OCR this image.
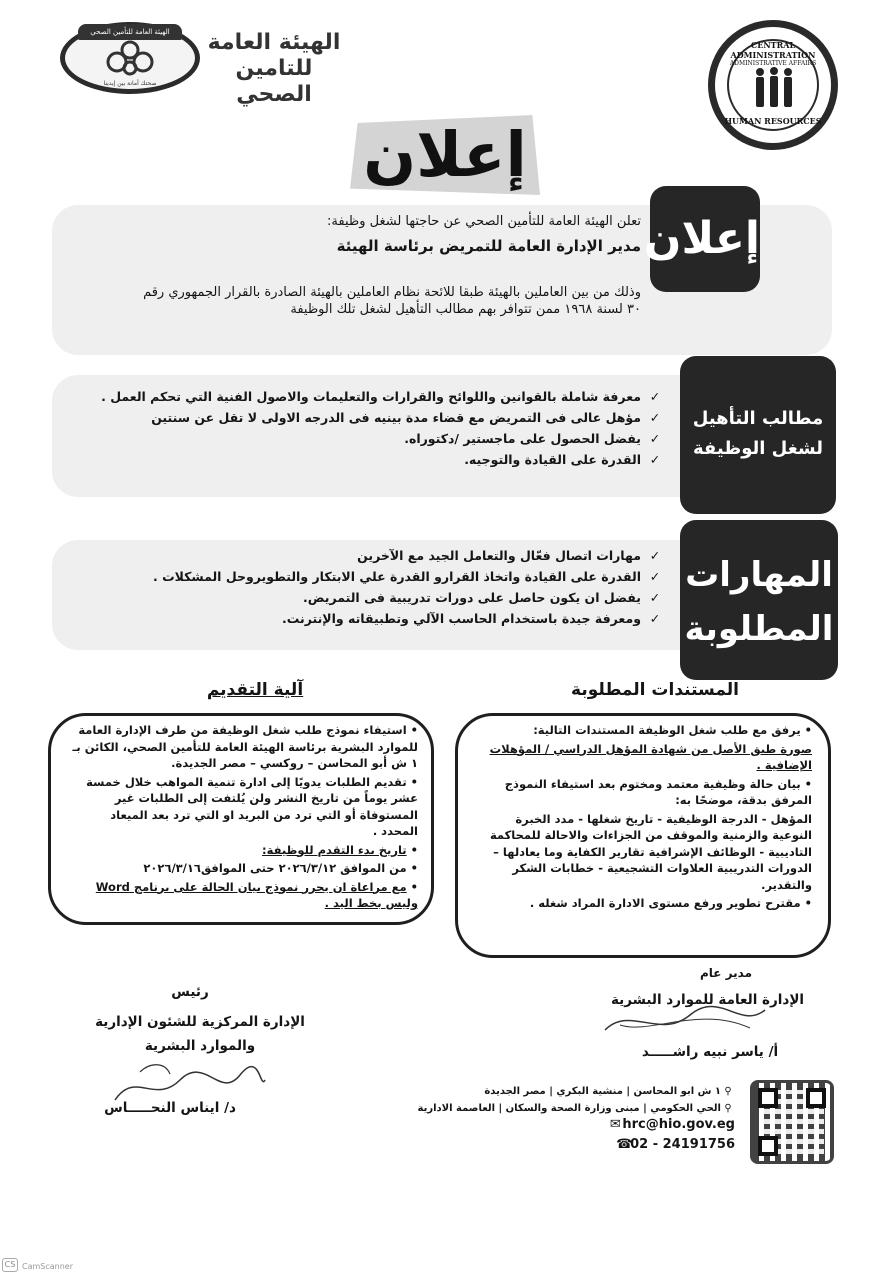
الهيئة العامة للتأمين الصحي
صحتك أمانة بين إيدينا
الهيئة العامة
للتامين الصحي
CENTRAL ADMINISTRATION
ADMINISTRATIVE AFFAIRS
HUMAN RESOURCES
إعلان
إعلان
تعلن الهيئة العامة للتأمين الصحي عن حاجتها لشغل وظيفة:
مدير الإدارة العامة للتمريض برئاسة الهيئة
وذلك من بين العاملين بالهيئة طبقا للائحة نظام العاملين بالهيئة الصادرة بالقرار الجمهوري رقم
٣٠ لسنة ١٩٦٨ ممن تتوافر بهم مطالب التأهيل لشغل تلك الوظيفة
مطالب التأهيل
لشغل الوظيفة
✓معرفة شاملة بالقوانين واللوائح والقرارات والتعليمات والاصول الفنية التي تحكم العمل .
✓مؤهل عالى فى التمريض مع قضاء مدة بينيه فى الدرجه الاولى لا تقل عن سنتين
✓يفضل الحصول على ماجستير /دكتوراه.
✓القدرة على القيادة والتوجيه.
المهارات
المطلوبة
✓مهارات اتصال فعّال والتعامل الجيد مع الآخرين
✓القدرة على القيادة واتخاذ القرارو القدرة علي الابتكار والتطويروحل المشكلات .
✓يفضل ان يكون حاصل على دورات تدريبية فى التمريض.
✓ومعرفة جيدة باستخدام الحاسب الآلي وتطبيقاته والإنترنت.
المستندات المطلوبة
•يرفق مع طلب شغل الوظيفة المستندات التالية:
صورة طبق الأصل من شهادة المؤهل الدراسي / المؤهلات الإضافية .
•بيان حالة وظيفية معتمد ومختوم بعد استيفاء النموذج المرفق بدقة، موضحًا به:
المؤهل - الدرجة الوظيفية - تاريخ شغلها - مدد الخبرة النوعية والزمنية والموقف من الجزاءات والاحالة للمحاكمة التاديبية - الوظائف الإشرافية تقارير الكفاية وما يعادلها – الدورات التدريبية العلاوات التشجيعية - خطابات الشكر والتقدير.
•مقترح تطوير ورفع مستوى الادارة المراد شغله .
آلية التقديم
•استيفاء نموذج طلب شغل الوظيفة من طرف الإدارة العامة للموارد البشرية برئاسة الهيئة العامة للتأمين الصحي، الكائن بـ ١ ش أبو المحاسن – روكسي – مصر الجديدة.
•تقديم الطلبات يدويًا إلى ادارة تنمية المواهب خلال خمسة عشر يوماً من تاريخ النشر ولن يُلتفت إلى الطلبات غير المستوفاة أو التي ترد من البريد او التي ترد بعد الميعاد المحدد .
•تاريخ بدء التقدم للوظيفة:
•من الموافق ٢٠٢٦/٣/١٢ حتى الموافق٢٠٢٦/٣/١٦
•مع مراعاة ان يحرر نموذج بيان الحالة على برنامج Word وليس بخط اليد .
مدير عام
الإدارة العامة للموارد البشرية
أ/ ياسر نبيه راشـــــد
رئيس
الإدارة المركزية للشئون الإدارية
والموارد البشرية
د/ ايناس النحـــــاس
⚲١ ش ابو المحاسن | منشية البكري | مصر الجديدة
⚲الحي الحكومي | مبنى وزارة الصحة والسكان | العاصمة الادارية
✉ hrc@hio.gov.eg
☎02 - 24191756
CS CamScanner
